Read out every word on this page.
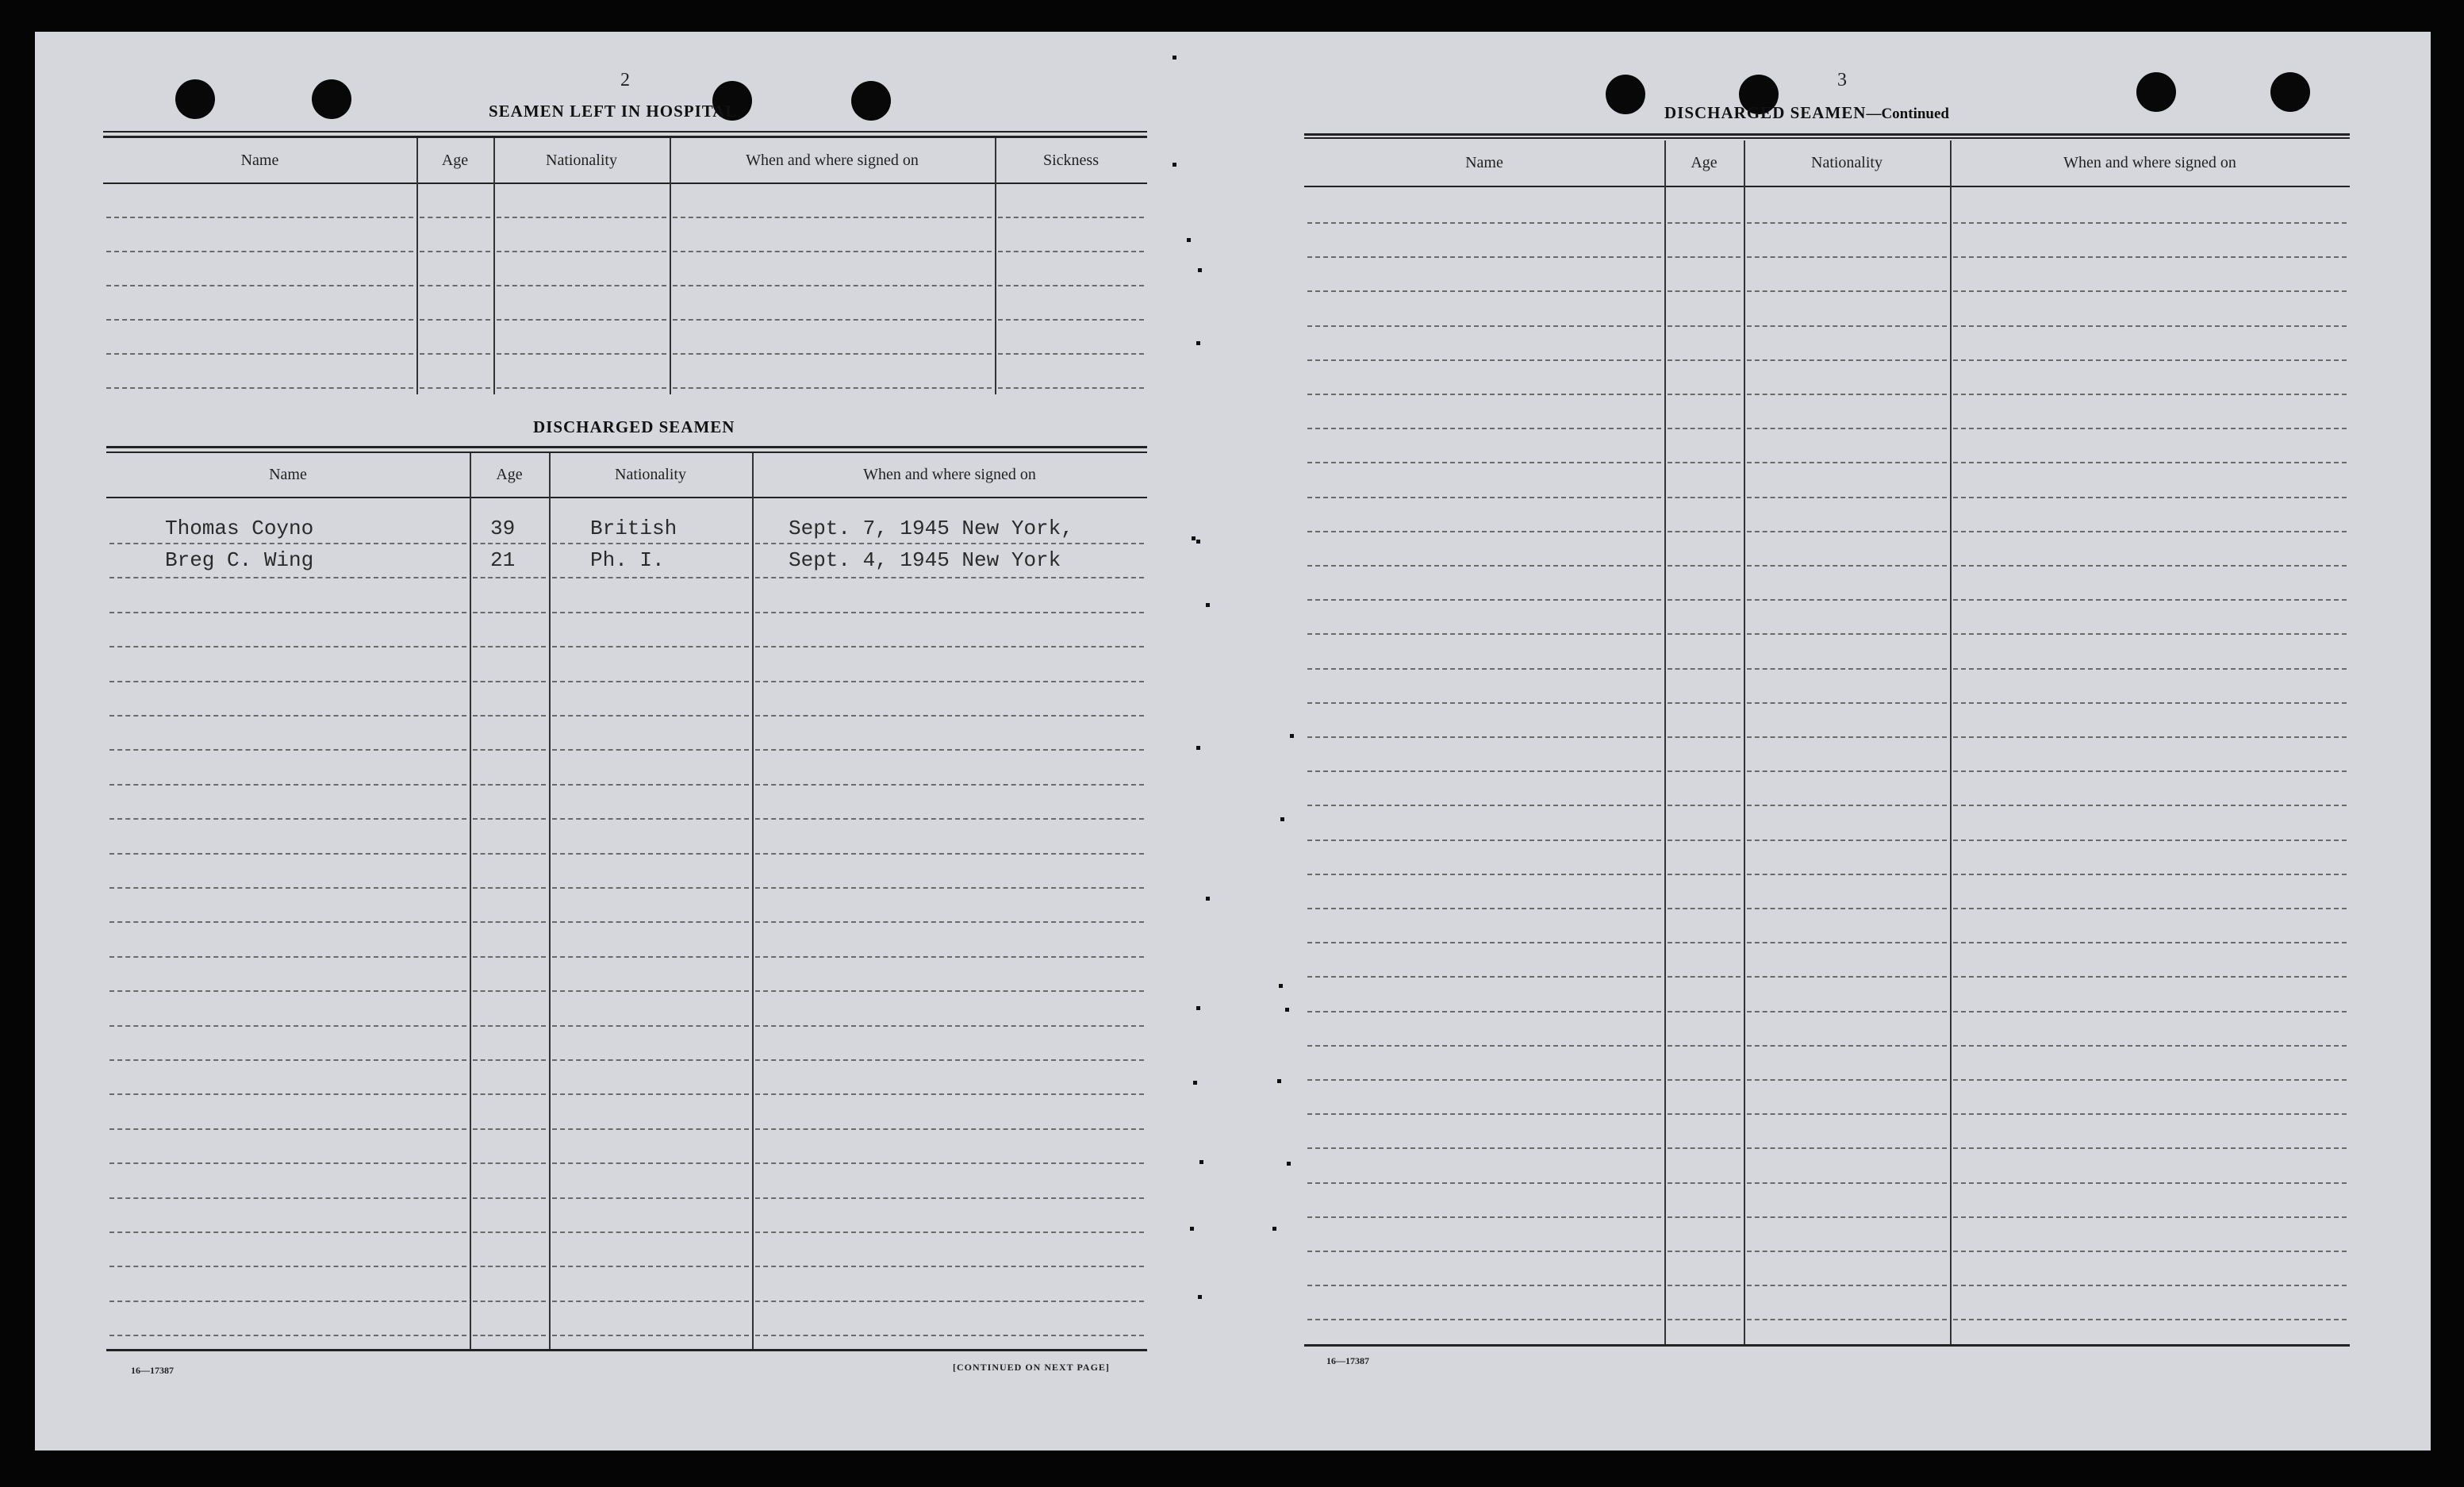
2
SEAMEN LEFT IN HOSPITAL
Name	Age	Nationality	When and where signed on	Sickness
DISCHARGED SEAMEN
Name	Age	Nationality	When and where signed on
Thomas Coyno	39	British	Sept. 7, 1945 New York,
Breg C. Wing	21	Ph. I.	Sept. 4, 1945 New York
16—17387	[CONTINUED ON NEXT PAGE]
3
DISCHARGED SEAMEN—Continued
Name	Age	Nationality	When and where signed on
16—17387
